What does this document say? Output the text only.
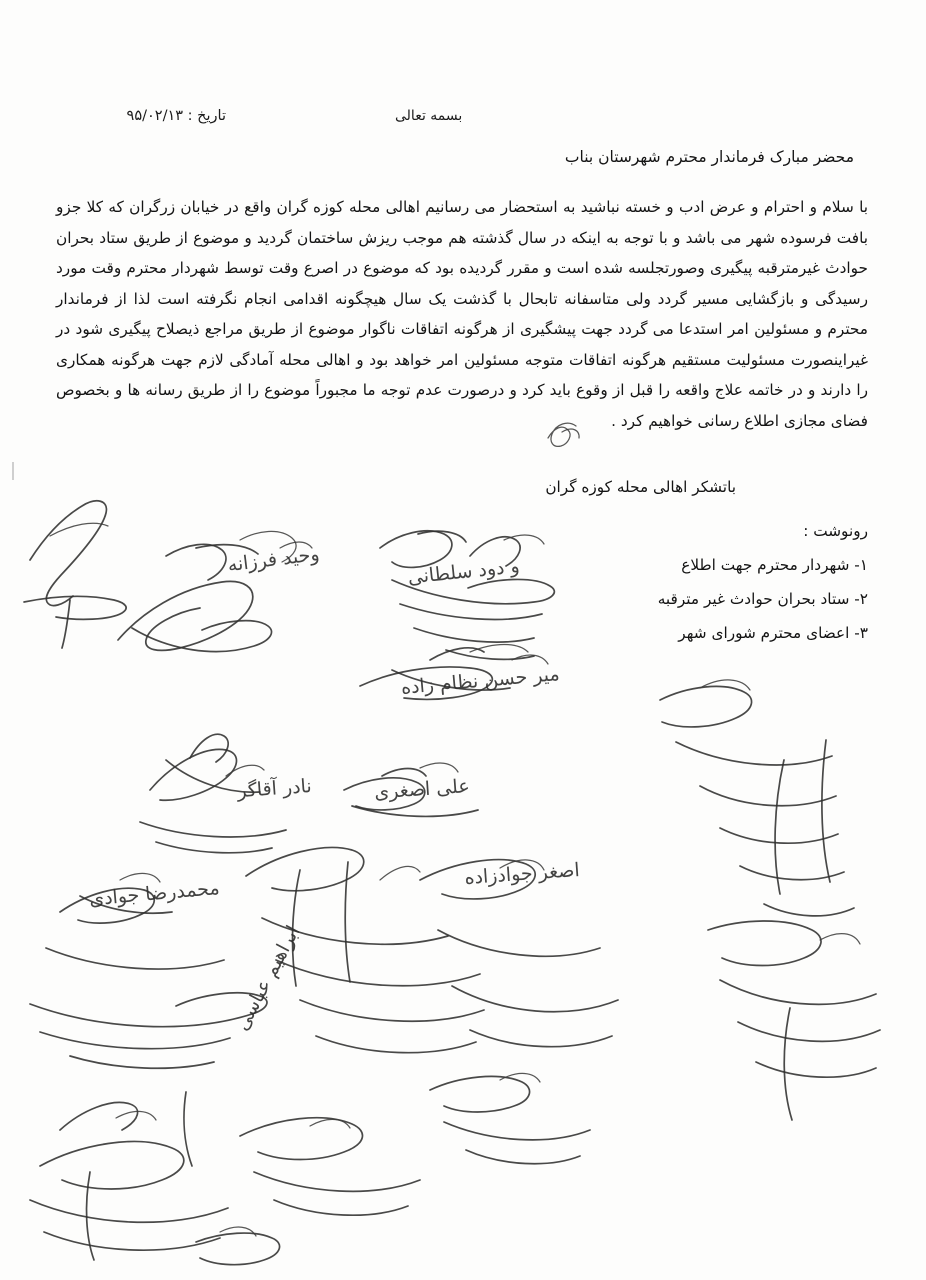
تاریخ : ۹۵/۰۲/۱۳	بسمه تعالی
محضر مبارک فرماندار محترم شهرستان بناب

با سلام و احترام و عرض ادب و خسته نباشید به استحضار می رسانیم اهالی محله کوزه گران واقع در خیابان زرگران که کلا جزو بافت فرسوده شهر می باشد و با توجه به اینکه در سال گذشته هم موجب ریزش ساختمان گردید و موضوع از طریق ستاد بحران حوادث غیرمترقبه پیگیری وصورتجلسه شده است و مقرر گردیده بود که موضوع در اصرع وقت توسط شهردار محترم وقت مورد رسیدگی و بازگشایی مسیر گردد ولی متاسفانه تابحال با گذشت یک سال هیچگونه اقدامی انجام نگرفته است لذا از فرماندار محترم و مسئولین امر استدعا می گردد جهت پیشگیری از هرگونه اتفاقات ناگوار موضوع از طریق مراجع ذیصلاح پیگیری شود در غیراینصورت مسئولیت مستقیم هرگونه اتفاقات متوجه مسئولین امر خواهد بود و اهالی محله آمادگی لازم جهت هرگونه همکاری را دارند و در خاتمه علاج واقعه را قبل از وقوع باید کرد و درصورت عدم توجه ما مجبوراً موضوع را از طریق رسانه ها و بخصوص فضای مجازی اطلاع رسانی خواهیم کرد .

باتشکر اهالی محله کوزه گران
رونوشت :
۱- شهردار محترم جهت اطلاع
۲- ستاد بحران حوادث غیر مترقبه
۳- اعضای محترم شورای شهر
‫و دود سلطانی‬
‫وحید فرزانه‬
‫میر حسن نظام زاده‬
‫نادر آقاگر‬	‫علی اصغری‬
‫اصغر جوادزاده‬
‫محمدرضا جوادی‬
‫ابراهیم عباسی‬
